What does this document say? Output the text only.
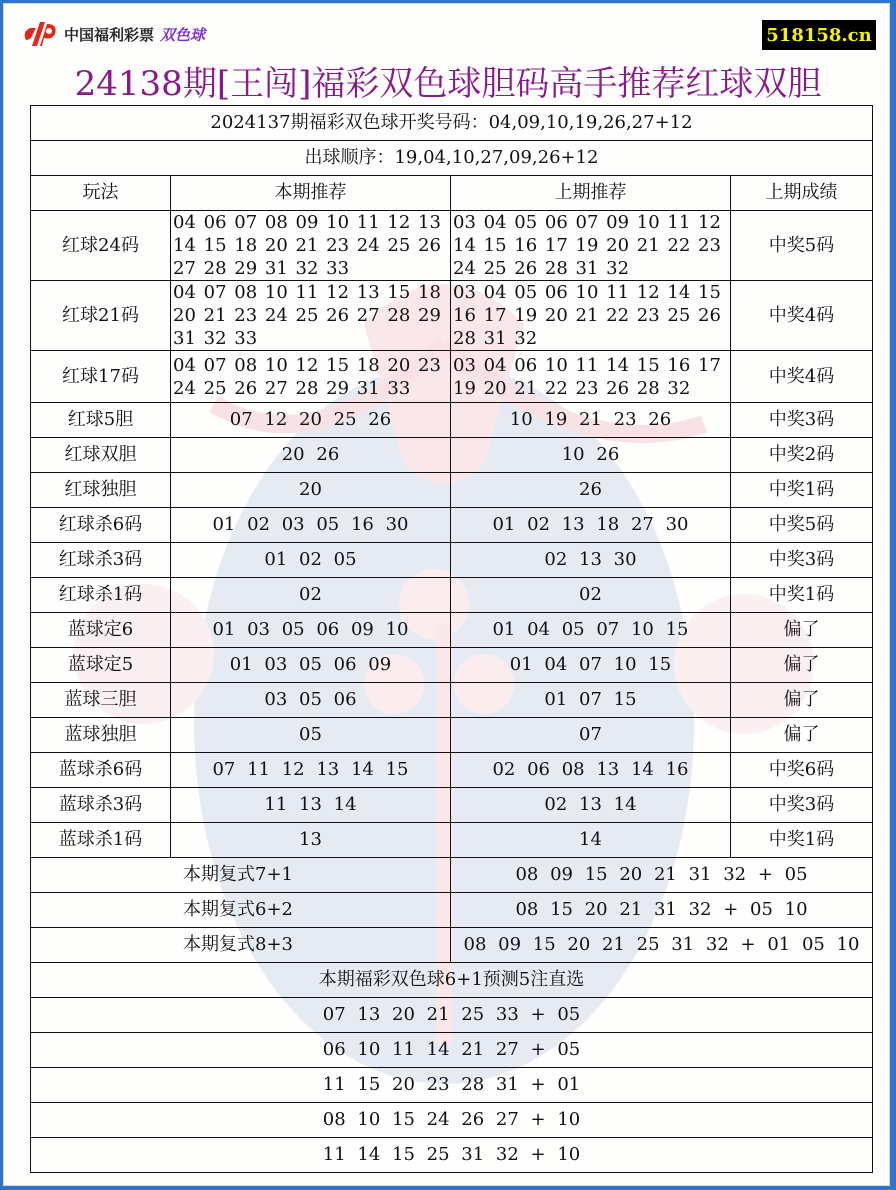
中国福利彩票 双色球	518158.cn
24138期[王闯]福彩双色球胆码高手推荐红球双胆
2024137期福彩双色球开奖号码：04,09,10,19,26,27+12			
出球顺序：19,04,10,27,09,26+12			
玩法	本期推荐	上期推荐	上期成绩
红球24码	04 06 07 08 09 10 11 12 13 14 15 18 20 21 23 24 25 26 27 28 29 31 32 33	03 04 05 06 07 09 10 11 12 14 15 16 17 19 20 21 22 23 24 25 26 28 31 32	中奖5码
红球21码	04 07 08 10 11 12 13 15 18 20 21 23 24 25 26 27 28 29 31 32 33	03 04 05 06 10 11 12 14 15 16 17 19 20 21 22 23 25 26 28 31 32	中奖4码
红球17码	04 07 08 10 12 15 18 20 23 24 25 26 27 28 29 31 33	03 04 06 10 11 14 15 16 17 19 20 21 22 23 26 28 32	中奖4码
红球5胆	07 12 20 25 26	10 19 21 23 26	中奖3码
红球双胆	20 26	10 26	中奖2码
红球独胆	20	26	中奖1码
红球杀6码	01 02 03 05 16 30	01 02 13 18 27 30	中奖5码
红球杀3码	01 02 05	02 13 30	中奖3码
红球杀1码	02	02	中奖1码
蓝球定6	01 03 05 06 09 10	01 04 05 07 10 15	偏了
蓝球定5	01 03 05 06 09	01 04 07 10 15	偏了
蓝球三胆	03 05 06	01 07 15	偏了
蓝球独胆	05	07	偏了
蓝球杀6码	07 11 12 13 14 15	02 06 08 13 14 16	中奖6码
蓝球杀3码	11 13 14	02 13 14	中奖3码
蓝球杀1码	13	14	中奖1码
本期复式7+1		08 09 15 20 21 31 32 + 05	
本期复式6+2		08 15 20 21 31 32 + 05 10	
本期复式8+3		08 09 15 20 21 25 31 32 + 01 05 10	
本期福彩双色球6+1预测5注直选			
07 13 20 21 25 33 + 05			
06 10 11 14 21 27 + 05			
11 15 20 23 28 31 + 01			
08 10 15 24 26 27 + 10			
11 14 15 25 31 32 + 10			
